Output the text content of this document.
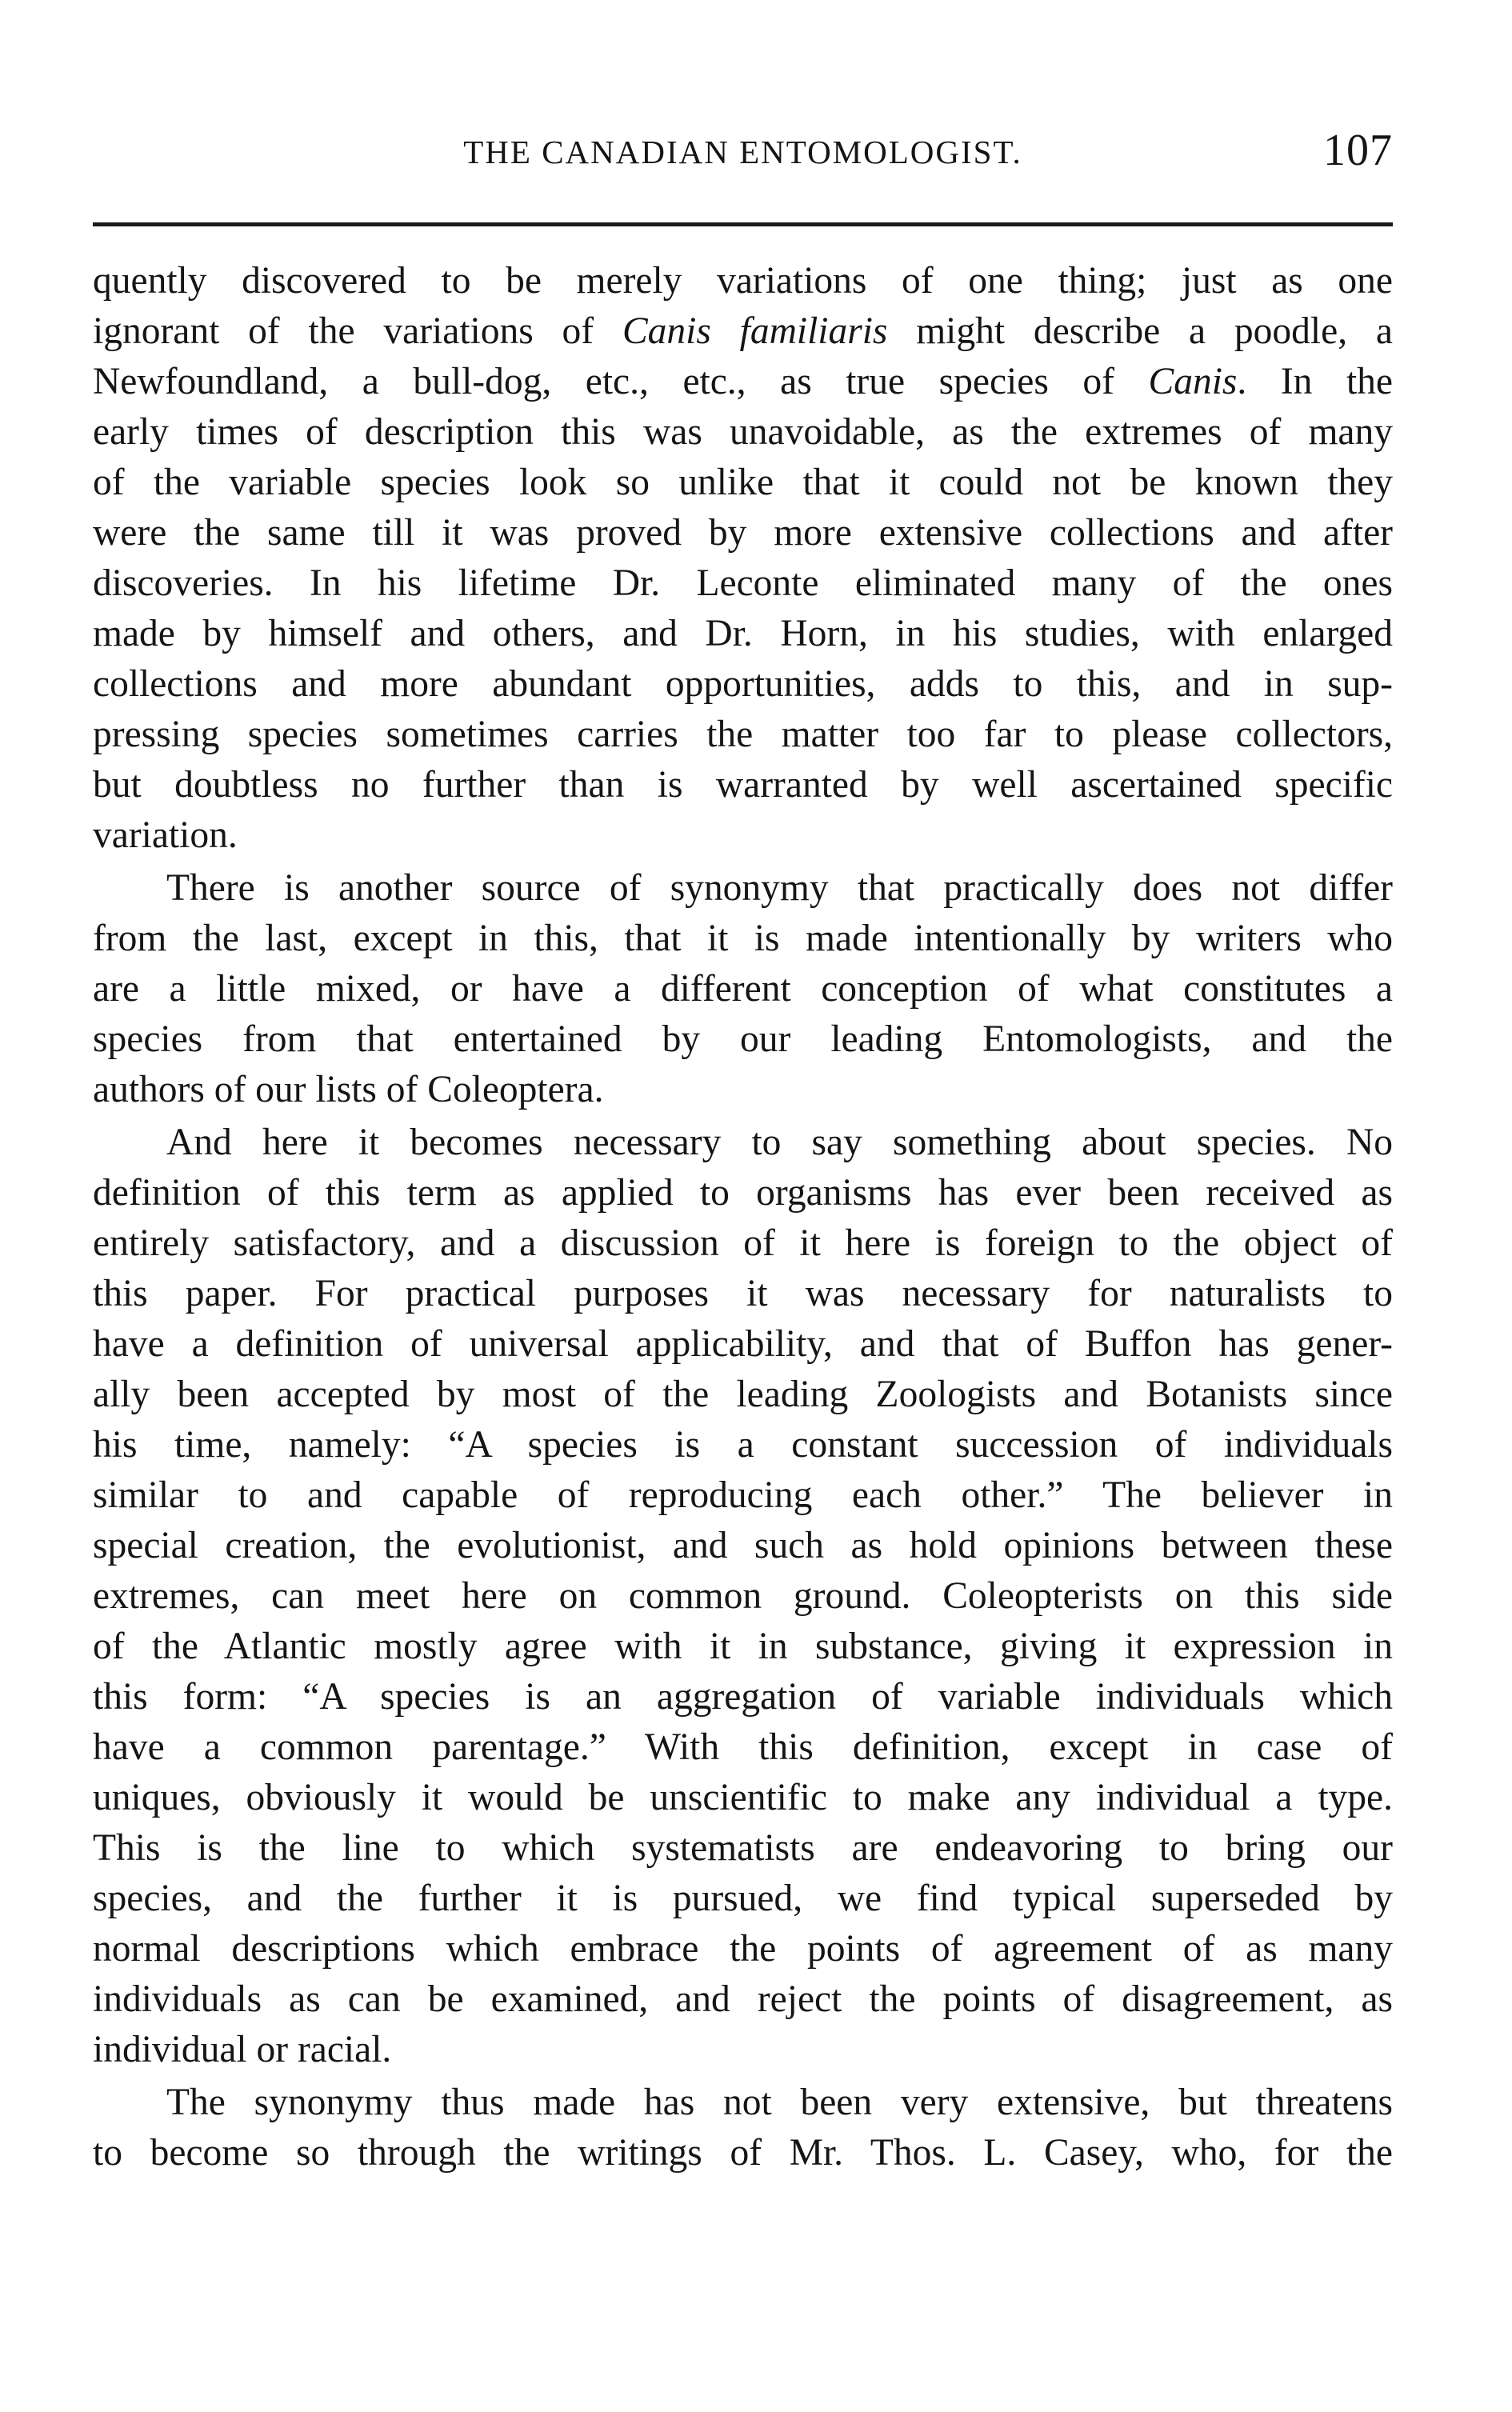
THE CANADIAN ENTOMOLOGIST.	107
quently discovered to be merely variations of one thing; just as one
ignorant of the variations of Canis familiaris might describe a poodle, a
Newfoundland, a bull-dog, etc., etc., as true species of Canis. In the
early times of description this was unavoidable, as the extremes of many
of the variable species look so unlike that it could not be known they
were the same till it was proved by more extensive collections and after
discoveries. In his lifetime Dr. Leconte eliminated many of the ones
made by himself and others, and Dr. Horn, in his studies, with enlarged
collections and more abundant opportunities, adds to this, and in sup-
pressing species sometimes carries the matter too far to please collectors,
but doubtless no further than is warranted by well ascertained specific
variation.
There is another source of synonymy that practically does not differ
from the last, except in this, that it is made intentionally by writers who
are a little mixed, or have a different conception of what constitutes a
species from that entertained by our leading Entomologists, and the
authors of our lists of Coleoptera.
And here it becomes necessary to say something about species. No
definition of this term as applied to organisms has ever been received as
entirely satisfactory, and a discussion of it here is foreign to the object of
this paper. For practical purposes it was necessary for naturalists to
have a definition of universal applicability, and that of Buffon has gener-
ally been accepted by most of the leading Zoologists and Botanists since
his time, namely: “A species is a constant succession of individuals
similar to and capable of reproducing each other.” The believer in
special creation, the evolutionist, and such as hold opinions between these
extremes, can meet here on common ground. Coleopterists on this side
of the Atlantic mostly agree with it in substance, giving it expression in
this form: “A species is an aggregation of variable individuals which
have a common parentage.” With this definition, except in case of
uniques, obviously it would be unscientific to make any individual a type.
This is the line to which systematists are endeavoring to bring our
species, and the further it is pursued, we find typical superseded by
normal descriptions which embrace the points of agreement of as many
individuals as can be examined, and reject the points of disagreement, as
individual or racial.
The synonymy thus made has not been very extensive, but threatens
to become so through the writings of Mr. Thos. L. Casey, who, for the
